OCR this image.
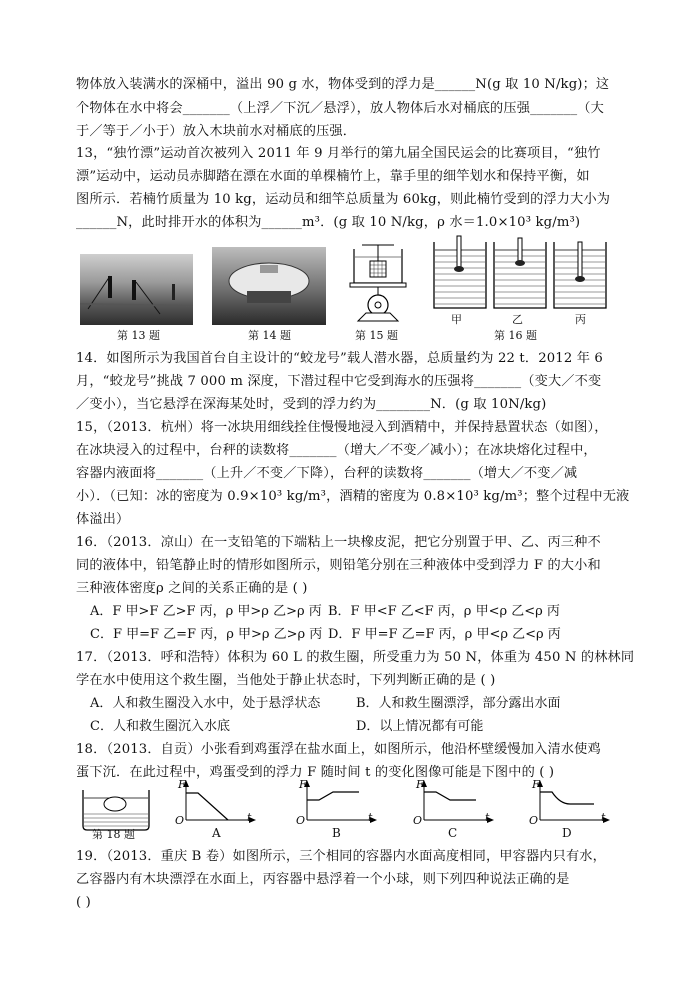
物体放入装满水的深桶中，溢出 90 g 水，物体受到的浮力是______N(g 取 10 N/kg)；这
个物体在水中将会_______（上浮／下沉／悬浮），放人物体后水对桶底的压强_______（大
于／等于／小于）放入木块前水对桶底的压强．
13，“独竹漂”运动首次被列入 2011 年 9 月举行的第九届全国民运会的比赛项目，“独竹
漂”运动中，运动员赤脚踏在漂在水面的单棵楠竹上，靠手里的细竿划水和保持平衡，如
图所示．若楠竹质量为 10 kg，运动员和细竿总质量为 60kg，则此楠竹受到的浮力大小为
______N，此时排开水的体积为______m³．(g 取 10 N/kg，ρ 水＝1.0×10³ kg/m³)
第 13 题	第 14 题	第 15 题
甲	乙	丙
第 16 题
14．如图所示为我国首台自主设计的“蛟龙号”载人潜水器，总质量约为 22 t．2012 年 6
月，“蛟龙号”挑战 7 000 m 深度，下潜过程中它受到海水的压强将_______（变大／不变
／变小），当它悬浮在深海某处时，受到的浮力约为________N．(g 取 10N/kg)
15，（2013．杭州）将一冰块用细线拴住慢慢地浸入到酒精中，并保持悬置状态（如图），
在冰块浸入的过程中，台秤的读数将_______（增大／不变／减小）；在冰块熔化过程中，
容器内液面将_______（上升／不变／下降），台秤的读数将_______（增大／不变／减
小）．（已知：冰的密度为 0.9×10³ kg/m³，酒精的密度为 0.8×10³ kg/m³；整个过程中无液
体溢出）
16．（2013．凉山）在一支铅笔的下端粘上一块橡皮泥，把它分别置于甲、乙、丙三种不
同的液体中，铅笔静止时的情形如图所示，则铅笔分别在三种液体中受到浮力 F 的大小和
三种液体密度ρ 之间的关系正确的是 ( )
A．F 甲>F 乙>F 丙，ρ 甲>ρ 乙>ρ 丙 B．F 甲<F 乙<F 丙，ρ 甲<ρ 乙<ρ 丙
C．F 甲=F 乙=F 丙，ρ 甲>ρ 乙>ρ 丙 D．F 甲=F 乙=F 丙，ρ 甲<ρ 乙<ρ 丙
17．（2013．呼和浩特）体积为 60 L 的救生圈，所受重力为 50 N，体重为 450 N 的林林同
学在水中使用这个救生圈，当他处于静止状态时，下列判断正确的是 ( )
A．人和救生圈没入水中，处于悬浮状态	B．人和救生圈漂浮，部分露出水面
C．人和救生圈沉入水底	D．以上情况都有可能
18．（2013．自贡）小张看到鸡蛋浮在盐水面上，如图所示，他沿杯壁缓慢加入清水使鸡
蛋下沉．在此过程中，鸡蛋受到的浮力 F 随时间 t 的变化图像可能是下图中的 ( )
第 18 题
F
O	t
A
F
O	t
B
F
O	t
C
F
O	t
D
19．（2013．重庆 B 卷）如图所示，三个相同的容器内水面高度相同，甲容器内只有水，
乙容器内有木块漂浮在水面上，丙容器中悬浮着一个小球，则下列四种说法正确的是
( )
